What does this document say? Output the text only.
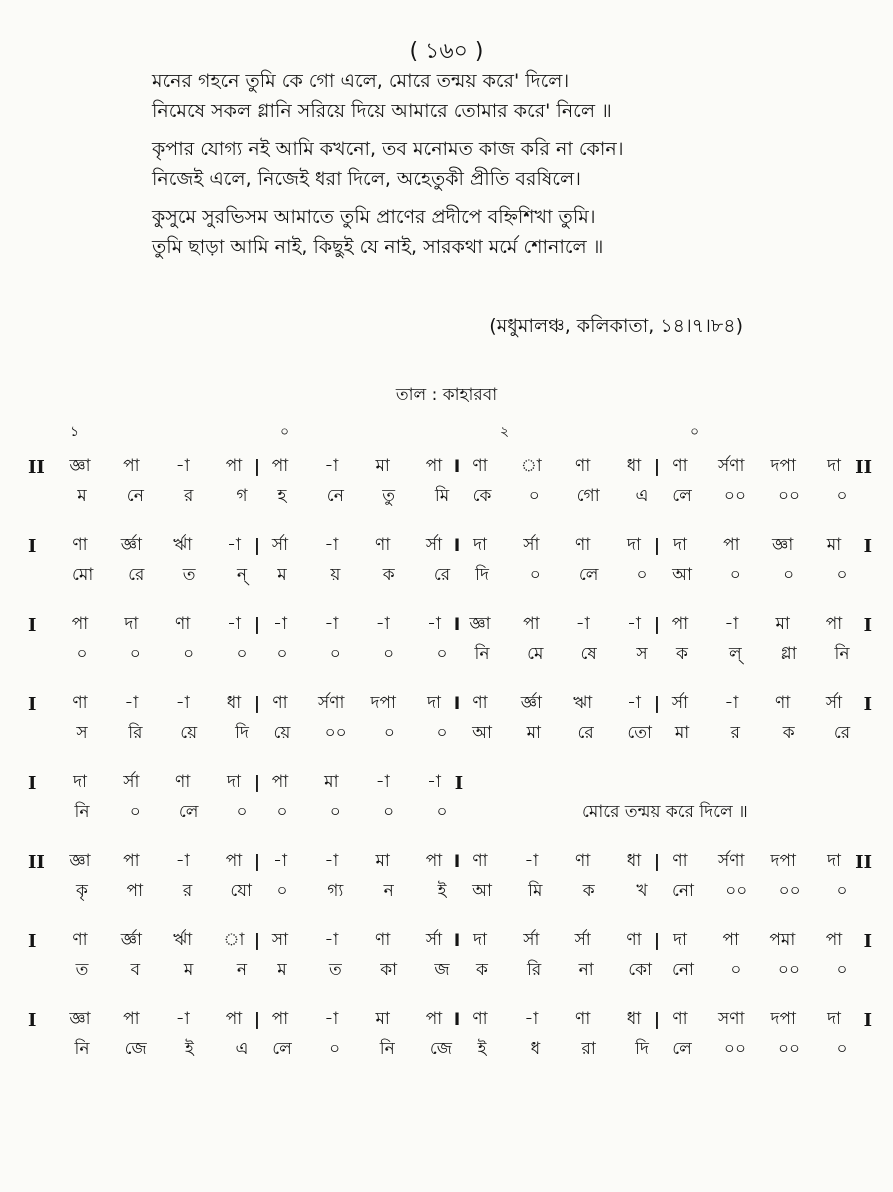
( ১৬০ )
মনের গহনে তুমি কে গো এলে, মোরে তন্ময় করে' দিলে।
নিমেষে সকল গ্লানি সরিয়ে দিয়ে আমারে তোমার করে' নিলে ॥
কৃপার যোগ্য নই আমি কখনো, তব মনোমত কাজ করি না কোন।
নিজেই এলে, নিজেই ধরা দিলে, অহেতুকী প্রীতি বরষিলে।
কুসুমে সুরভিসম আমাতে তুমি প্রাণের প্রদীপে বহ্নিশিখা তুমি।
তুমি ছাড়া আমি নাই, কিছুই যে নাই, সারকথা মর্মে শোনালে ॥
(মধুমালঞ্চ, কলিকাতা, ১৪।৭।৮৪)
তাল : কাহারবা
১	০	২	০
II	জ্ঞা পা -া পা | পা -া মা পা I ণা া ণা ধা | ণা র্সণা দপা দা II
ম	নে	র	গ	হ	নে তু মি কে ০ গো এ লে ০০ ০০ ০
I	ণা র্জ্ঞা র্ঋা -া | র্সা -া ণা র্সা I দা র্সা ণা দা | দা পা জ্ঞা মা	I
মো রে ত ন্	ম	য় ক রে দি ০ লে ০ আ ০ ০ ০
I	পা দা ণা -া | -া -া -া -া I জ্ঞা পা -া -া | পা -া মা পা	I
০ ০ ০ ০ ০ ০ ০ ০ নি মে ষে স ক ল্ গ্লা নি
I	ণা -া -া ধা | ণা র্সণা দপা দা I ণা র্জ্ঞা ঋা -া | র্সা -া ণা র্সা	I
স রি য়ে দি য়ে ০০ ০ ০ আ মা রে তো মা	র	ক রে
I	দা র্সা ণা দা | পা মা -া -া I
নি ০ লে ০ ০ ০ ০ ০	মোরে তন্ময় করে দিলে ॥
II	জ্ঞা পা -া পা | -া -া মা পা I ণা -া ণা ধা | ণা র্সণা দপা দা II
কৃ পা	র	যো ০ গ্য ন	ই	আ মি ক খ নো ০০ ০০ ০
I	ণা র্জ্ঞা র্ঋা া | সা -া ণা র্সা I দা র্সা র্সা ণা | দা পা পমা পা	I
ত	ব	ম	ন	ম	ত কা জ ক রি না কো নো ০ ০০ ০
I	জ্ঞা পা -া পা | পা -া মা পা I ণা -া ণা ধা | ণা সণা দপা দা	I
নি জে	ই	এ লে ০ নি জে	ই	ধ	রা দি লে ০০ ০০ ০
